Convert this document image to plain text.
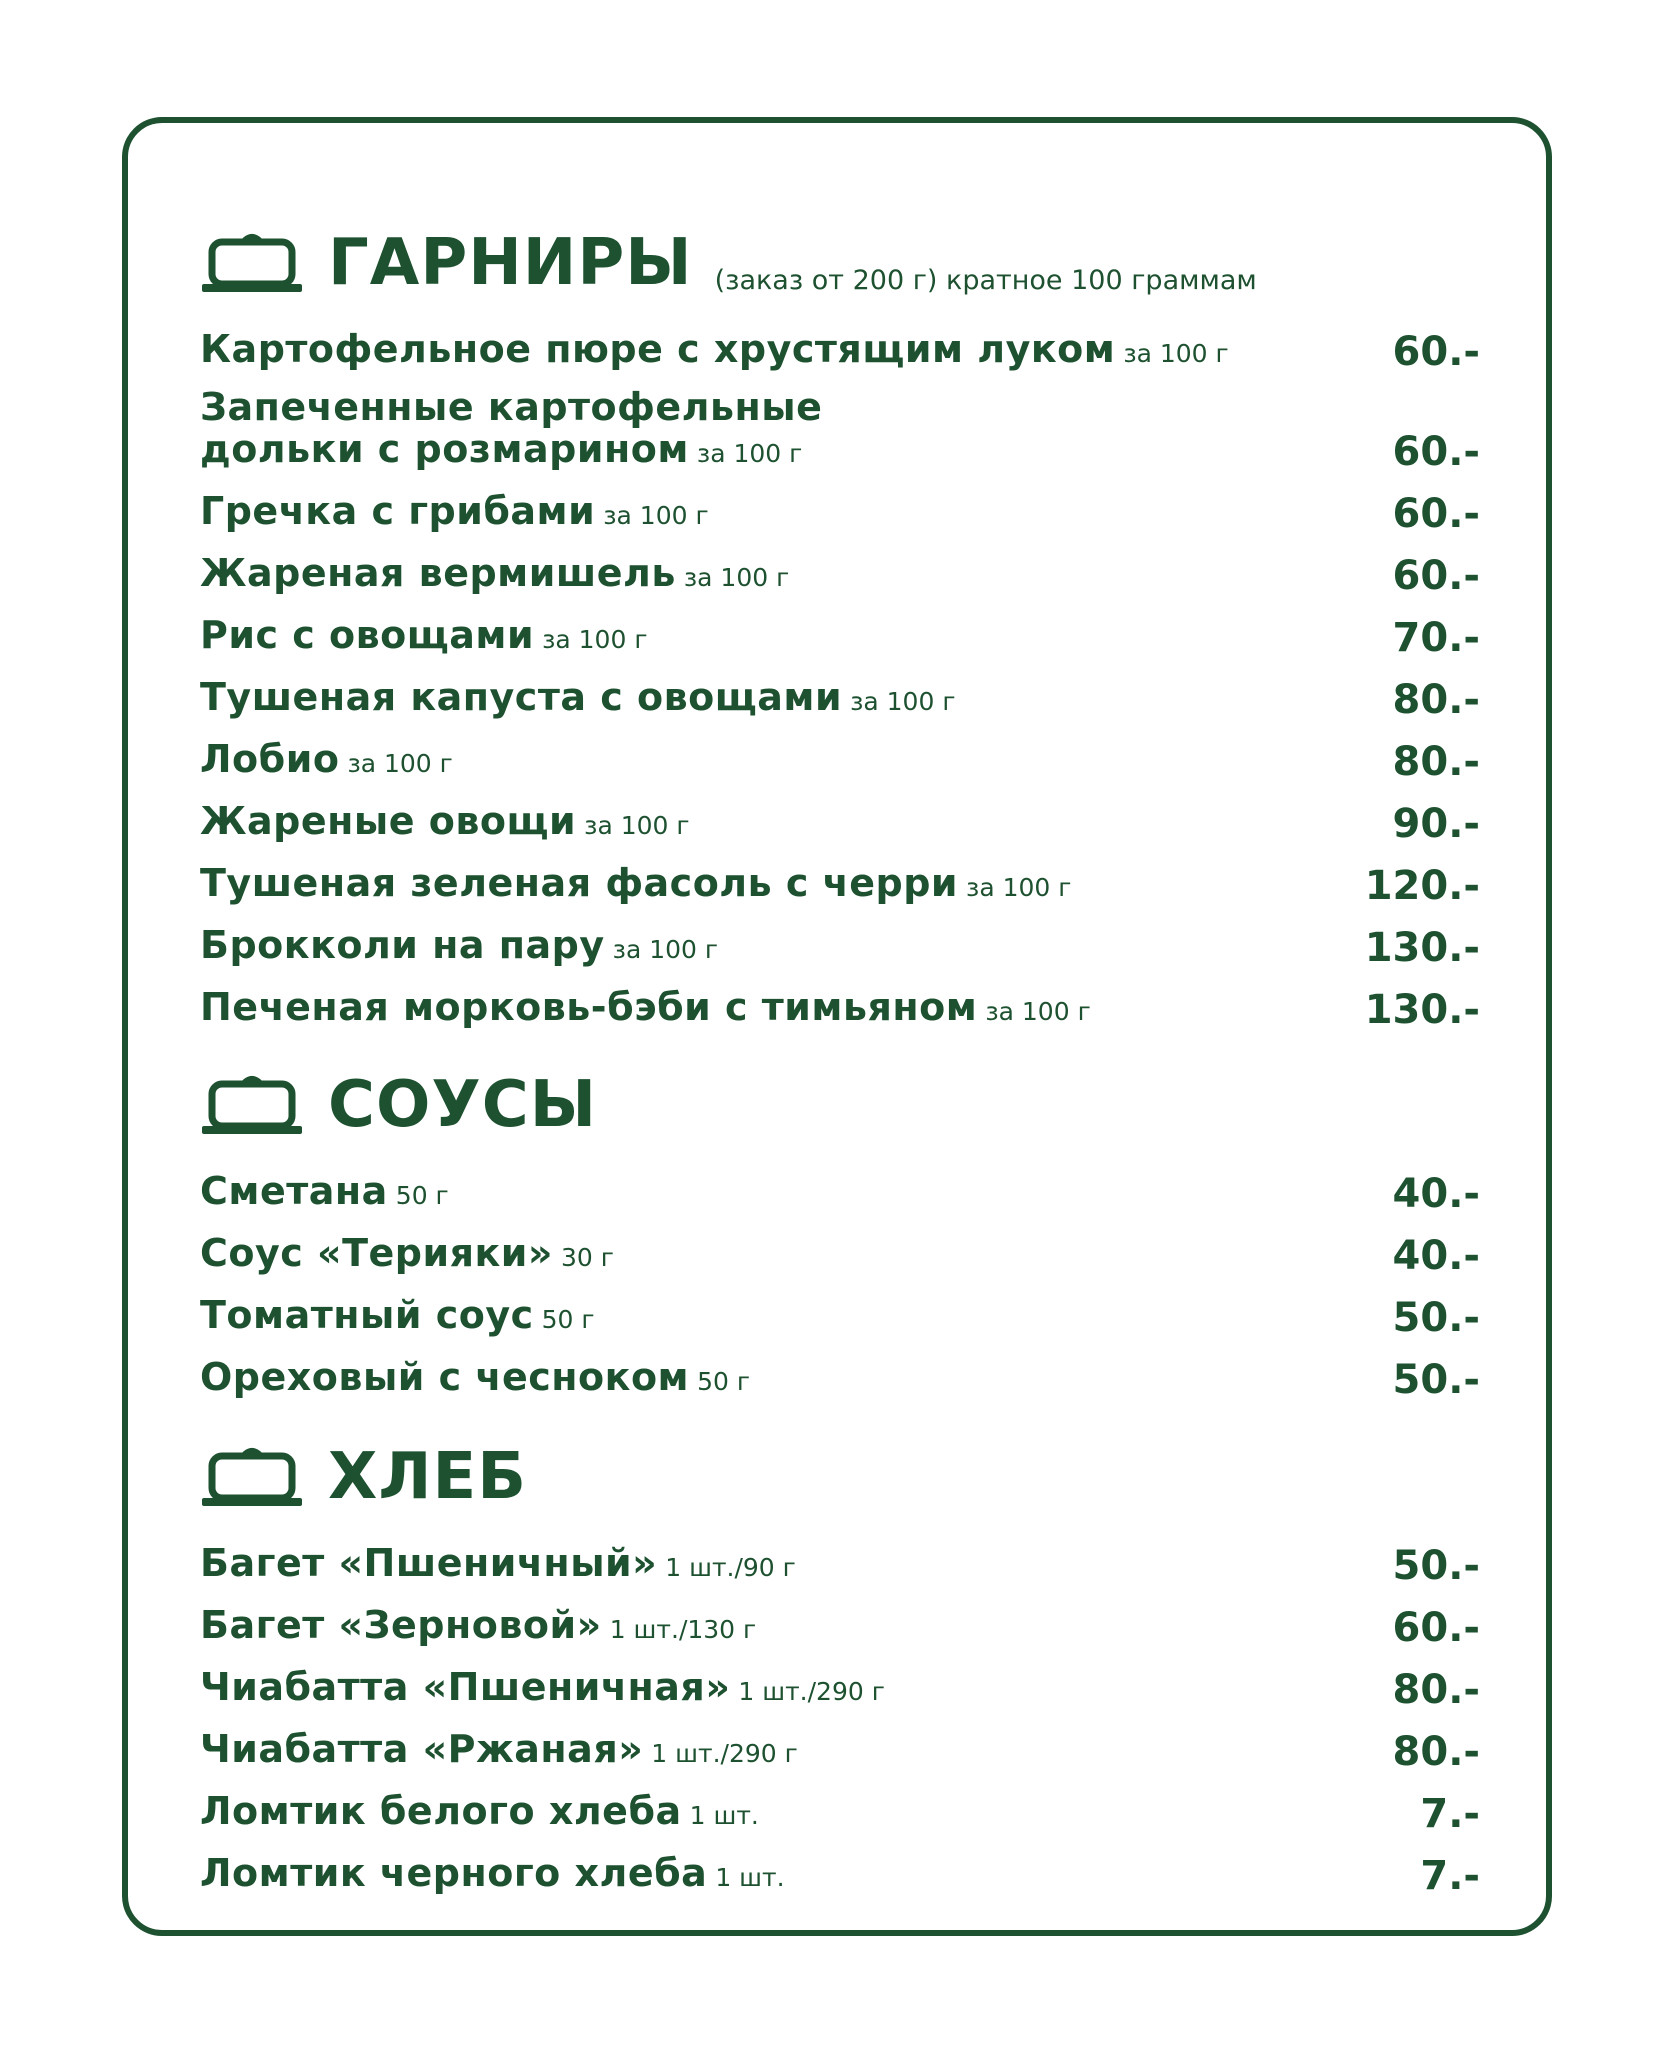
ГАРНИРЫ (заказ от 200 г) кратное 100 граммам
Картофельное пюре с хрустящим луком за 100 г	60.-
Запеченные картофельные
дольки с розмарином за 100 г	60.-
Гречка с грибами за 100 г	60.-
Жареная вермишель за 100 г	60.-
Рис с овощами за 100 г	70.-
Тушеная капуста с овощами за 100 г	80.-
Лобио за 100 г	80.-
Жареные овощи за 100 г	90.-
Тушеная зеленая фасоль с черри за 100 г	120.-
Брокколи на пару за 100 г	130.-
Печеная морковь-бэби с тимьяном за 100 г	130.-
СОУСЫ
Сметана 50 г	40.-
Соус «Терияки» 30 г	40.-
Томатный соус 50 г	50.-
Ореховый с чесноком 50 г	50.-
ХЛЕБ
Багет «Пшеничный» 1 шт./90 г	50.-
Багет «Зерновой» 1 шт./130 г	60.-
Чиабатта «Пшеничная» 1 шт./290 г	80.-
Чиабатта «Ржаная» 1 шт./290 г	80.-
Ломтик белого хлеба 1 шт.	7.-
Ломтик черного хлеба 1 шт.	7.-
